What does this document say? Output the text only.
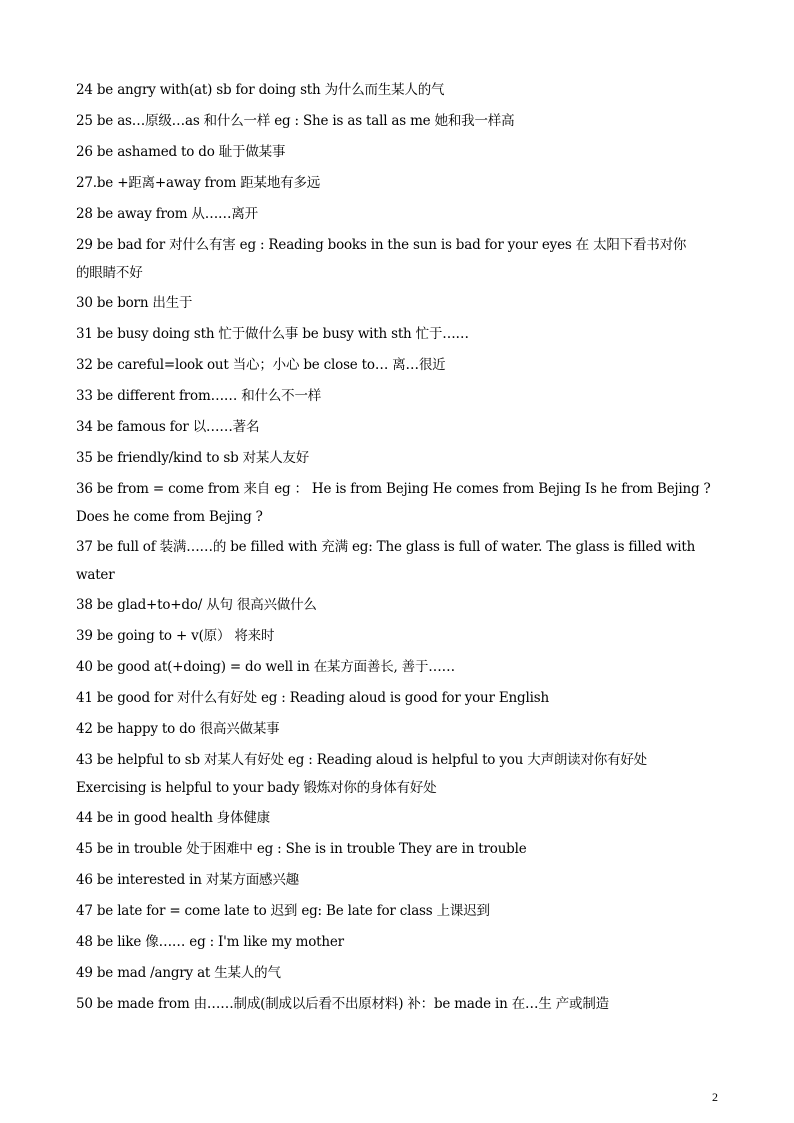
24 be angry with(at) sb for doing sth 为什么而生某人的气
25 be as…原级…as 和什么一样 eg : She is as tall as me 她和我一样高
26 be ashamed to do 耻于做某事
27.be +距离+away from 距某地有多远
28 be away from 从……离开
29 be bad for 对什么有害 eg : Reading books in the sun is bad for your eyes 在 太阳下看书对你
的眼睛不好
30 be born 出生于
31 be busy doing sth 忙于做什么事 be busy with sth 忙于……
32 be careful=look out 当心；小心 be close to… 离…很近
33 be different from…… 和什么不一样
34 be famous for 以……著名
35 be friendly/kind to sb 对某人友好
36 be from = come from 来自 eg ： He is from Bejing He comes from Bejing Is he from Bejing ?
Does he come from Bejing ?
37 be full of 装满……的 be filled with 充满 eg: The glass is full of water. The glass is filled with
water
38 be glad+to+do/ 从句 很高兴做什么
39 be going to + v(原） 将来时
40 be good at(+doing) = do well in 在某方面善长, 善于……
41 be good for 对什么有好处 eg : Reading aloud is good for your English
42 be happy to do 很高兴做某事
43 be helpful to sb 对某人有好处 eg : Reading aloud is helpful to you 大声朗读对你有好处
Exercising is helpful to your bady 锻炼对你的身体有好处
44 be in good health 身体健康
45 be in trouble 处于困难中 eg : She is in trouble They are in trouble
46 be interested in 对某方面感兴趣
47 be late for = come late to 迟到 eg: Be late for class 上课迟到
48 be like 像…… eg : I'm like my mother
49 be mad /angry at 生某人的气
50 be made from 由……制成(制成以后看不出原材料) 补：be made in 在…生 产或制造
2
